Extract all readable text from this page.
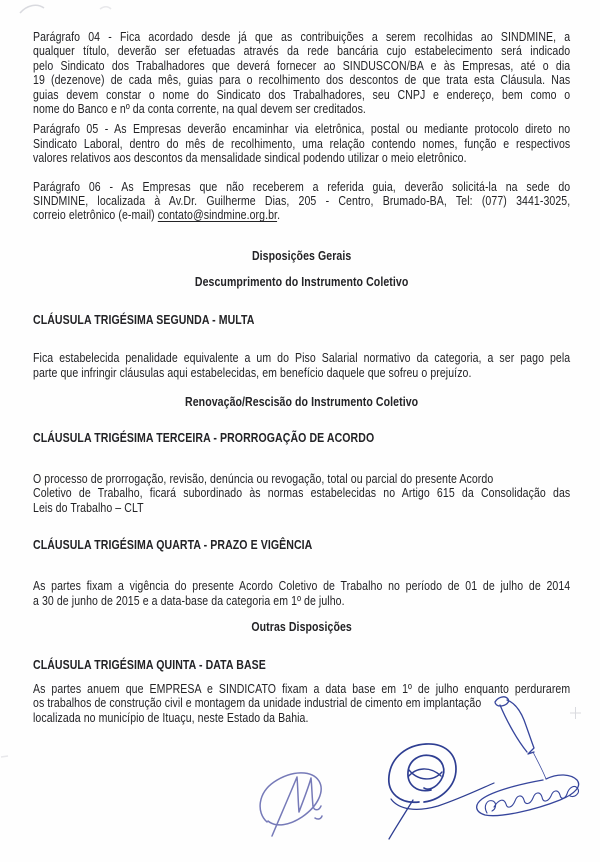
Parágrafo 04 - Fica acordado desde já que as contribuições a serem recolhidas ao SINDMINE, a
qualquer título, deverão ser efetuadas através da rede bancária cujo estabelecimento será indicado
pelo Sindicato dos Trabalhadores que deverá fornecer ao SINDUSCON/BA e às Empresas, até o dia
19 (dezenove) de cada mês, guias para o recolhimento dos descontos de que trata esta Cláusula. Nas
guias devem constar o nome do Sindicato dos Trabalhadores, seu CNPJ e endereço, bem como o
nome do Banco e nº da conta corrente, na qual devem ser creditados.
Parágrafo 05 - As Empresas deverão encaminhar via eletrônica, postal ou mediante protocolo direto no
Sindicato Laboral, dentro do mês de recolhimento, uma relação contendo nomes, função e respectivos
valores relativos aos descontos da mensalidade sindical podendo utilizar o meio eletrônico.
Parágrafo 06 - As Empresas que não receberem a referida guia, deverão solicitá-la na sede do
SINDMINE, localizada à Av.Dr. Guilherme Dias, 205 - Centro, Brumado-BA, Tel: (077) 3441-3025,
correio eletrônico (e-mail) contato@sindmine.org.br.
Disposições Gerais
Descumprimento do Instrumento Coletivo
CLÁUSULA TRIGÉSIMA SEGUNDA - MULTA
Fica estabelecida penalidade equivalente a um do Piso Salarial normativo da categoria, a ser pago pela
parte que infringir cláusulas aqui estabelecidas, em benefício daquele que sofreu o prejuízo.
Renovação/Rescisão do Instrumento Coletivo
CLÁUSULA TRIGÉSIMA TERCEIRA - PRORROGAÇÃO DE ACORDO
O processo de prorrogação, revisão, denúncia ou revogação, total ou parcial do presente Acordo
Coletivo de Trabalho, ficará subordinado às normas estabelecidas no Artigo 615 da Consolidação das
Leis do Trabalho – CLT
CLÁUSULA TRIGÉSIMA QUARTA - PRAZO E VIGÊNCIA
As partes fixam a vigência do presente Acordo Coletivo de Trabalho no período de 01 de julho de 2014
a 30 de junho de 2015 e a data-base da categoria em 1º de julho.
Outras Disposições
CLÁUSULA TRIGÉSIMA QUINTA - DATA BASE
As partes anuem que EMPRESA e SINDICATO fixam a data base em 1º de julho enquanto perdurarem
os trabalhos de construção civil e montagem da unidade industrial de cimento em implantação
localizada no município de Ituaçu, neste Estado da Bahia.
